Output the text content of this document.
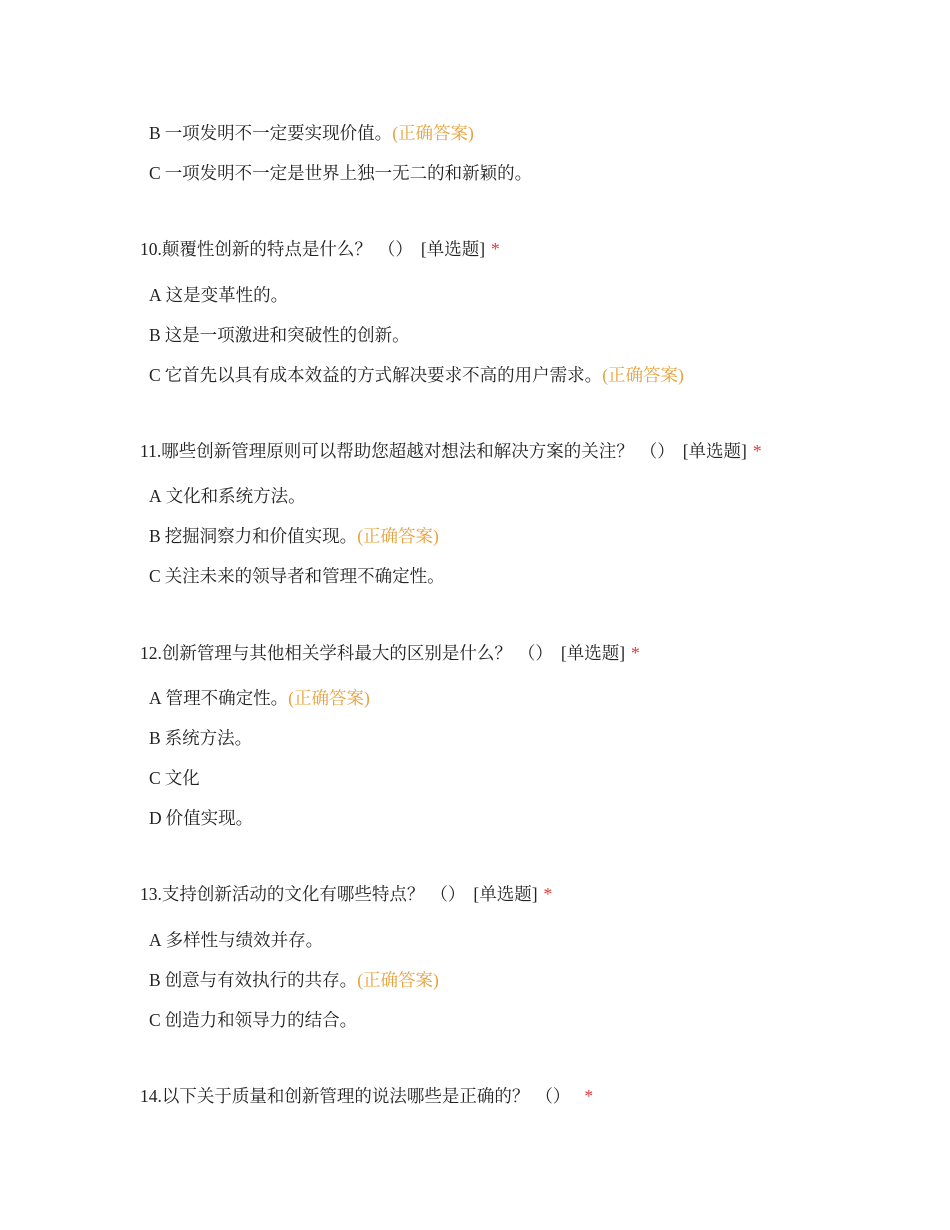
B 一项发明不一定要实现价值。(正确答案)
C 一项发明不一定是世界上独一无二的和新颖的。
10.颠覆性创新的特点是什么？ （） [单选题] *
A 这是变革性的。
B 这是一项激进和突破性的创新。
C 它首先以具有成本效益的方式解决要求不高的用户需求。(正确答案)
11.哪些创新管理原则可以帮助您超越对想法和解决方案的关注？ （） [单选题] *
A 文化和系统方法。
B 挖掘洞察力和价值实现。(正确答案)
C 关注未来的领导者和管理不确定性。
12.创新管理与其他相关学科最大的区别是什么？ （） [单选题] *
A 管理不确定性。(正确答案)
B 系统方法。
C 文化
D 价值实现。
13.支持创新活动的文化有哪些特点？ （） [单选题] *
A 多样性与绩效并存。
B 创意与有效执行的共存。(正确答案)
C 创造力和领导力的结合。
14.以下关于质量和创新管理的说法哪些是正确的？ （） *
